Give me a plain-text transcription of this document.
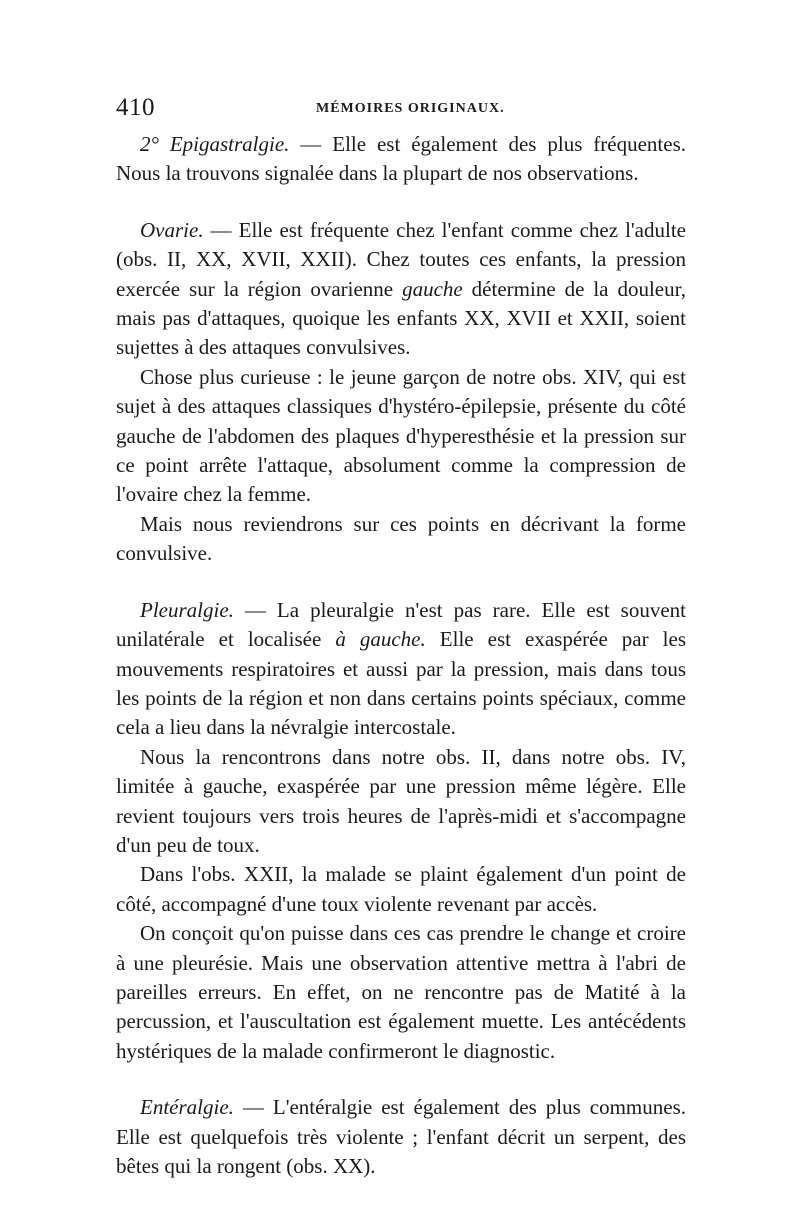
410	MÉMOIRES ORIGINAUX.

2° Epigastralgie. — Elle est également des plus fréquentes. Nous la trouvons signalée dans la plupart de nos observations.

Ovarie. — Elle est fréquente chez l'enfant comme chez l'adulte (obs. II, XX, XVII, XXII). Chez toutes ces enfants, la pression exercée sur la région ovarienne gauche détermine de la douleur, mais pas d'attaques, quoique les enfants XX, XVII et XXII, soient sujettes à des attaques convulsives.

Chose plus curieuse : le jeune garçon de notre obs. XIV, qui est sujet à des attaques classiques d'hystéro-épilepsie, présente du côté gauche de l'abdomen des plaques d'hyperesthésie et la pression sur ce point arrête l'attaque, absolument comme la compression de l'ovaire chez la femme.

Mais nous reviendrons sur ces points en décrivant la forme convulsive.

Pleuralgie. — La pleuralgie n'est pas rare. Elle est souvent unilatérale et localisée à gauche. Elle est exaspérée par les mouvements respiratoires et aussi par la pression, mais dans tous les points de la région et non dans certains points spéciaux, comme cela a lieu dans la névralgie intercostale.

Nous la rencontrons dans notre obs. II, dans notre obs. IV, limitée à gauche, exaspérée par une pression même légère. Elle revient toujours vers trois heures de l'après-midi et s'accompagne d'un peu de toux.

Dans l'obs. XXII, la malade se plaint également d'un point de côté, accompagné d'une toux violente revenant par accès.

On conçoit qu'on puisse dans ces cas prendre le change et croire à une pleurésie. Mais une observation attentive mettra à l'abri de pareilles erreurs. En effet, on ne rencontre pas de Matité à la percussion, et l'auscultation est également muette. Les antécédents hystériques de la malade confirmeront le diagnostic.

Entéralgie. — L'entéralgie est également des plus communes. Elle est quelquefois très violente ; l'enfant décrit un serpent, des bêtes qui la rongent (obs. XX).
